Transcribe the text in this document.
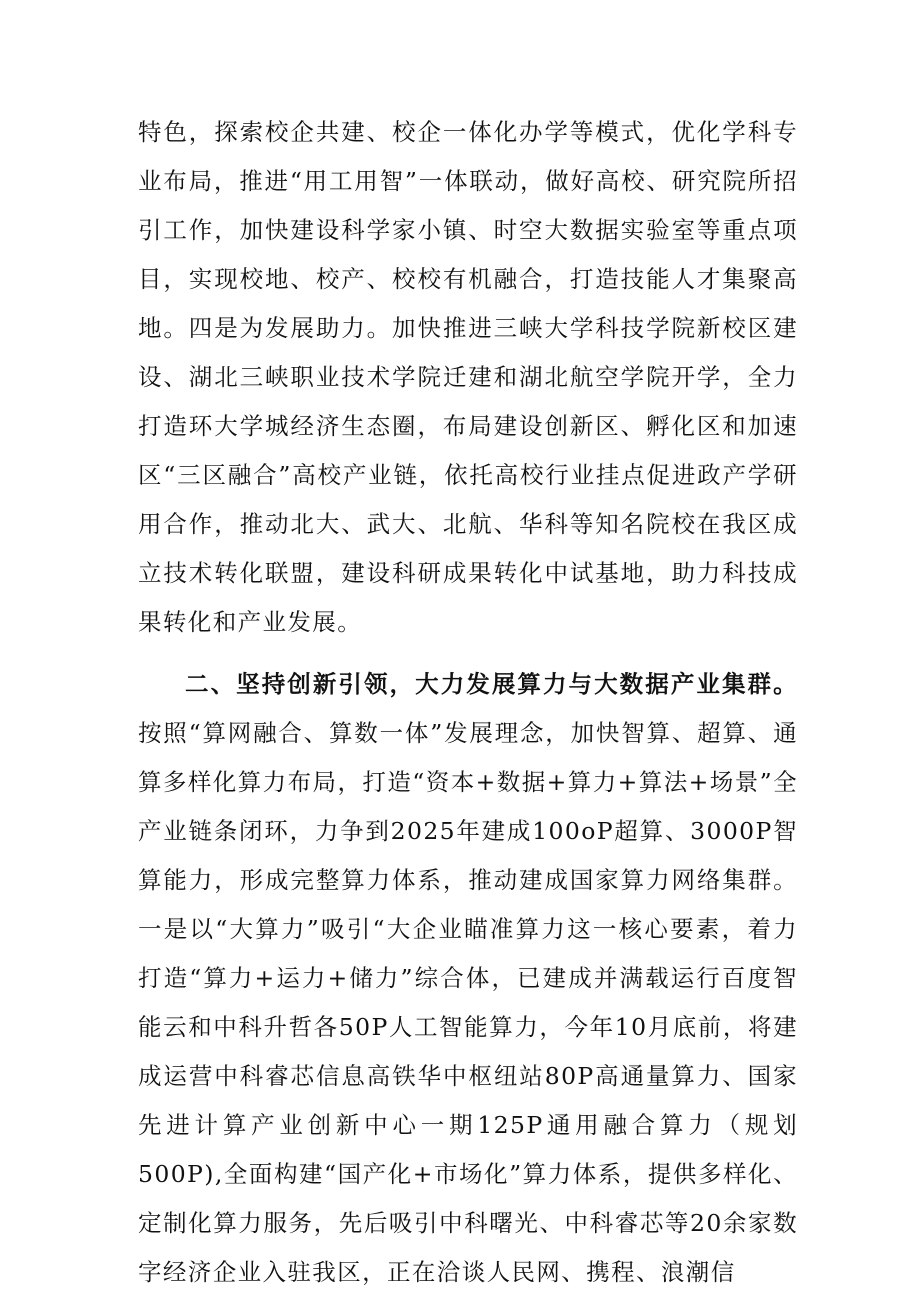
特色，探索校企共建、校企一体化办学等模式，优化学科专业布局，推进“用工用智”一体联动，做好高校、研究院所招引工作，加快建设科学家小镇、时空大数据实验室等重点项目，实现校地、校产、校校有机融合，打造技能人才集聚高地。四是为发展助力。加快推进三峡大学科技学院新校区建设、湖北三峡职业技术学院迁建和湖北航空学院开学，全力打造环大学城经济生态圈，布局建设创新区、孵化区和加速区“三区融合”高校产业链，依托高校行业挂点促进政产学研用合作，推动北大、武大、北航、华科等知名院校在我区成立技术转化联盟，建设科研成果转化中试基地，助力科技成果转化和产业发展。

二、坚持创新引领，大力发展算力与大数据产业集群。按照“算网融合、算数一体”发展理念，加快智算、超算、通算多样化算力布局，打造“资本+数据+算力+算法+场景”全产业链条闭环，力争到2025年建成100oP超算、3000P智算能力，形成完整算力体系，推动建成国家算力网络集群。一是以“大算力”吸引“大企业瞄准算力这一核心要素，着力打造“算力+运力+储力”综合体，已建成并满载运行百度智能云和中科升哲各50P人工智能算力，今年10月底前，将建成运营中科睿芯信息高铁华中枢纽站80P高通量算力、国家先进计算产业创新中心一期125P通用融合算力（规划500P),全面构建“国产化+市场化”算力体系，提供多样化、定制化算力服务，先后吸引中科曙光、中科睿芯等20余家数字经济企业入驻我区，正在洽谈人民网、携程、浪潮信
